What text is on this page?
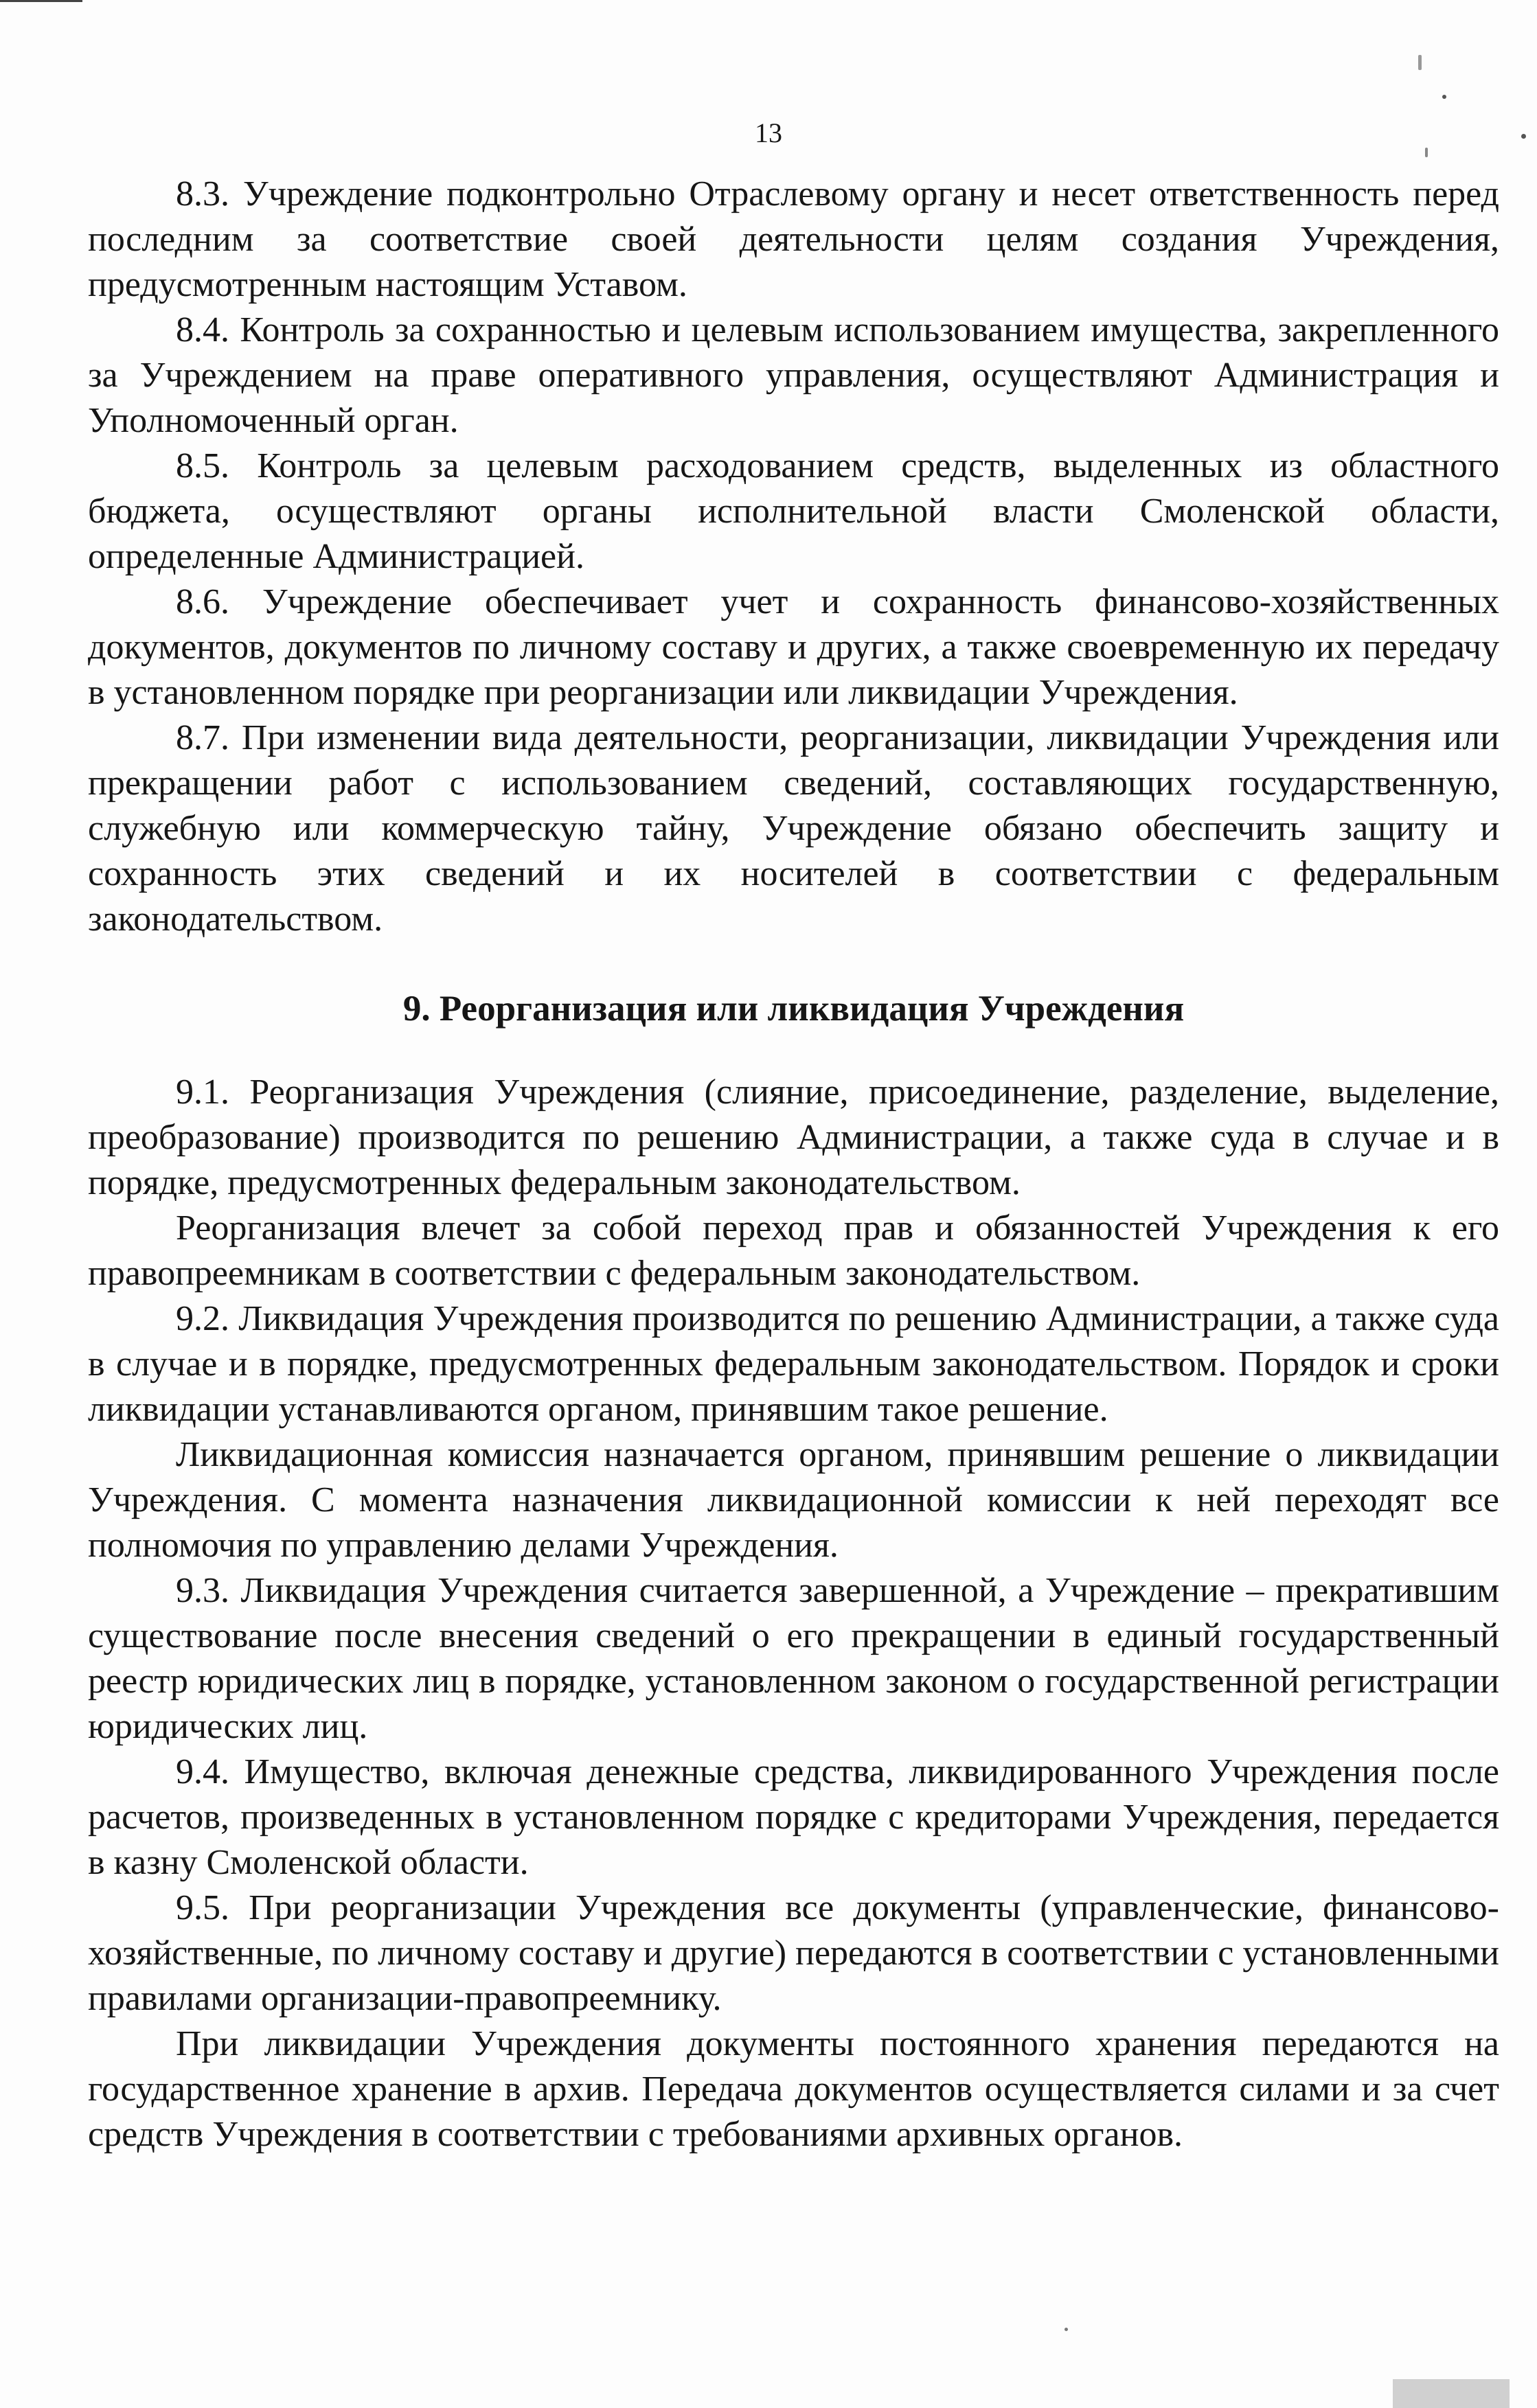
13

8.3. Учреждение подконтрольно Отраслевому органу и несет ответственность перед последним за соответствие своей деятельности целям создания Учреждения, предусмотренным настоящим Уставом.

8.4. Контроль за сохранностью и целевым использованием имущества, закрепленного за Учреждением на праве оперативного управления, осуществляют Администрация и Уполномоченный орган.

8.5. Контроль за целевым расходованием средств, выделенных из областного бюджета, осуществляют органы исполнительной власти Смоленской области, определенные Администрацией.

8.6. Учреждение обеспечивает учет и сохранность финансово-хозяйственных документов, документов по личному составу и других, а также своевременную их передачу в установленном порядке при реорганизации или ликвидации Учреждения.

8.7. При изменении вида деятельности, реорганизации, ликвидации Учреждения или прекращении работ с использованием сведений, составляющих государственную, служебную или коммерческую тайну, Учреждение обязано обеспечить защиту и сохранность этих сведений и их носителей в соответствии с федеральным законодательством.

9. Реорганизация или ликвидация Учреждения

9.1. Реорганизация Учреждения (слияние, присоединение, разделение, выделение, преобразование) производится по решению Администрации, а также суда в случае и в порядке, предусмотренных федеральным законодательством.

Реорганизация влечет за собой переход прав и обязанностей Учреждения к его правопреемникам в соответствии с федеральным законодательством.

9.2. Ликвидация Учреждения производится по решению Администрации, а также суда в случае и в порядке, предусмотренных федеральным законодательством. Порядок и сроки ликвидации устанавливаются органом, принявшим такое решение.

Ликвидационная комиссия назначается органом, принявшим решение о ликвидации Учреждения. С момента назначения ликвидационной комиссии к ней переходят все полномочия по управлению делами Учреждения.

9.3. Ликвидация Учреждения считается завершенной, а Учреждение – прекратившим существование после внесения сведений о его прекращении в единый государственный реестр юридических лиц в порядке, установленном законом о государственной регистрации юридических лиц.

9.4. Имущество, включая денежные средства, ликвидированного Учреждения после расчетов, произведенных в установленном порядке с кредиторами Учреждения, передается в казну Смоленской области.

9.5. При реорганизации Учреждения все документы (управленческие, финансово-хозяйственные, по личному составу и другие) передаются в соответствии с установленными правилами организации-правопреемнику.

При ликвидации Учреждения документы постоянного хранения передаются на государственное хранение в архив. Передача документов осуществляется силами и за счет средств Учреждения в соответствии с требованиями архивных органов.
